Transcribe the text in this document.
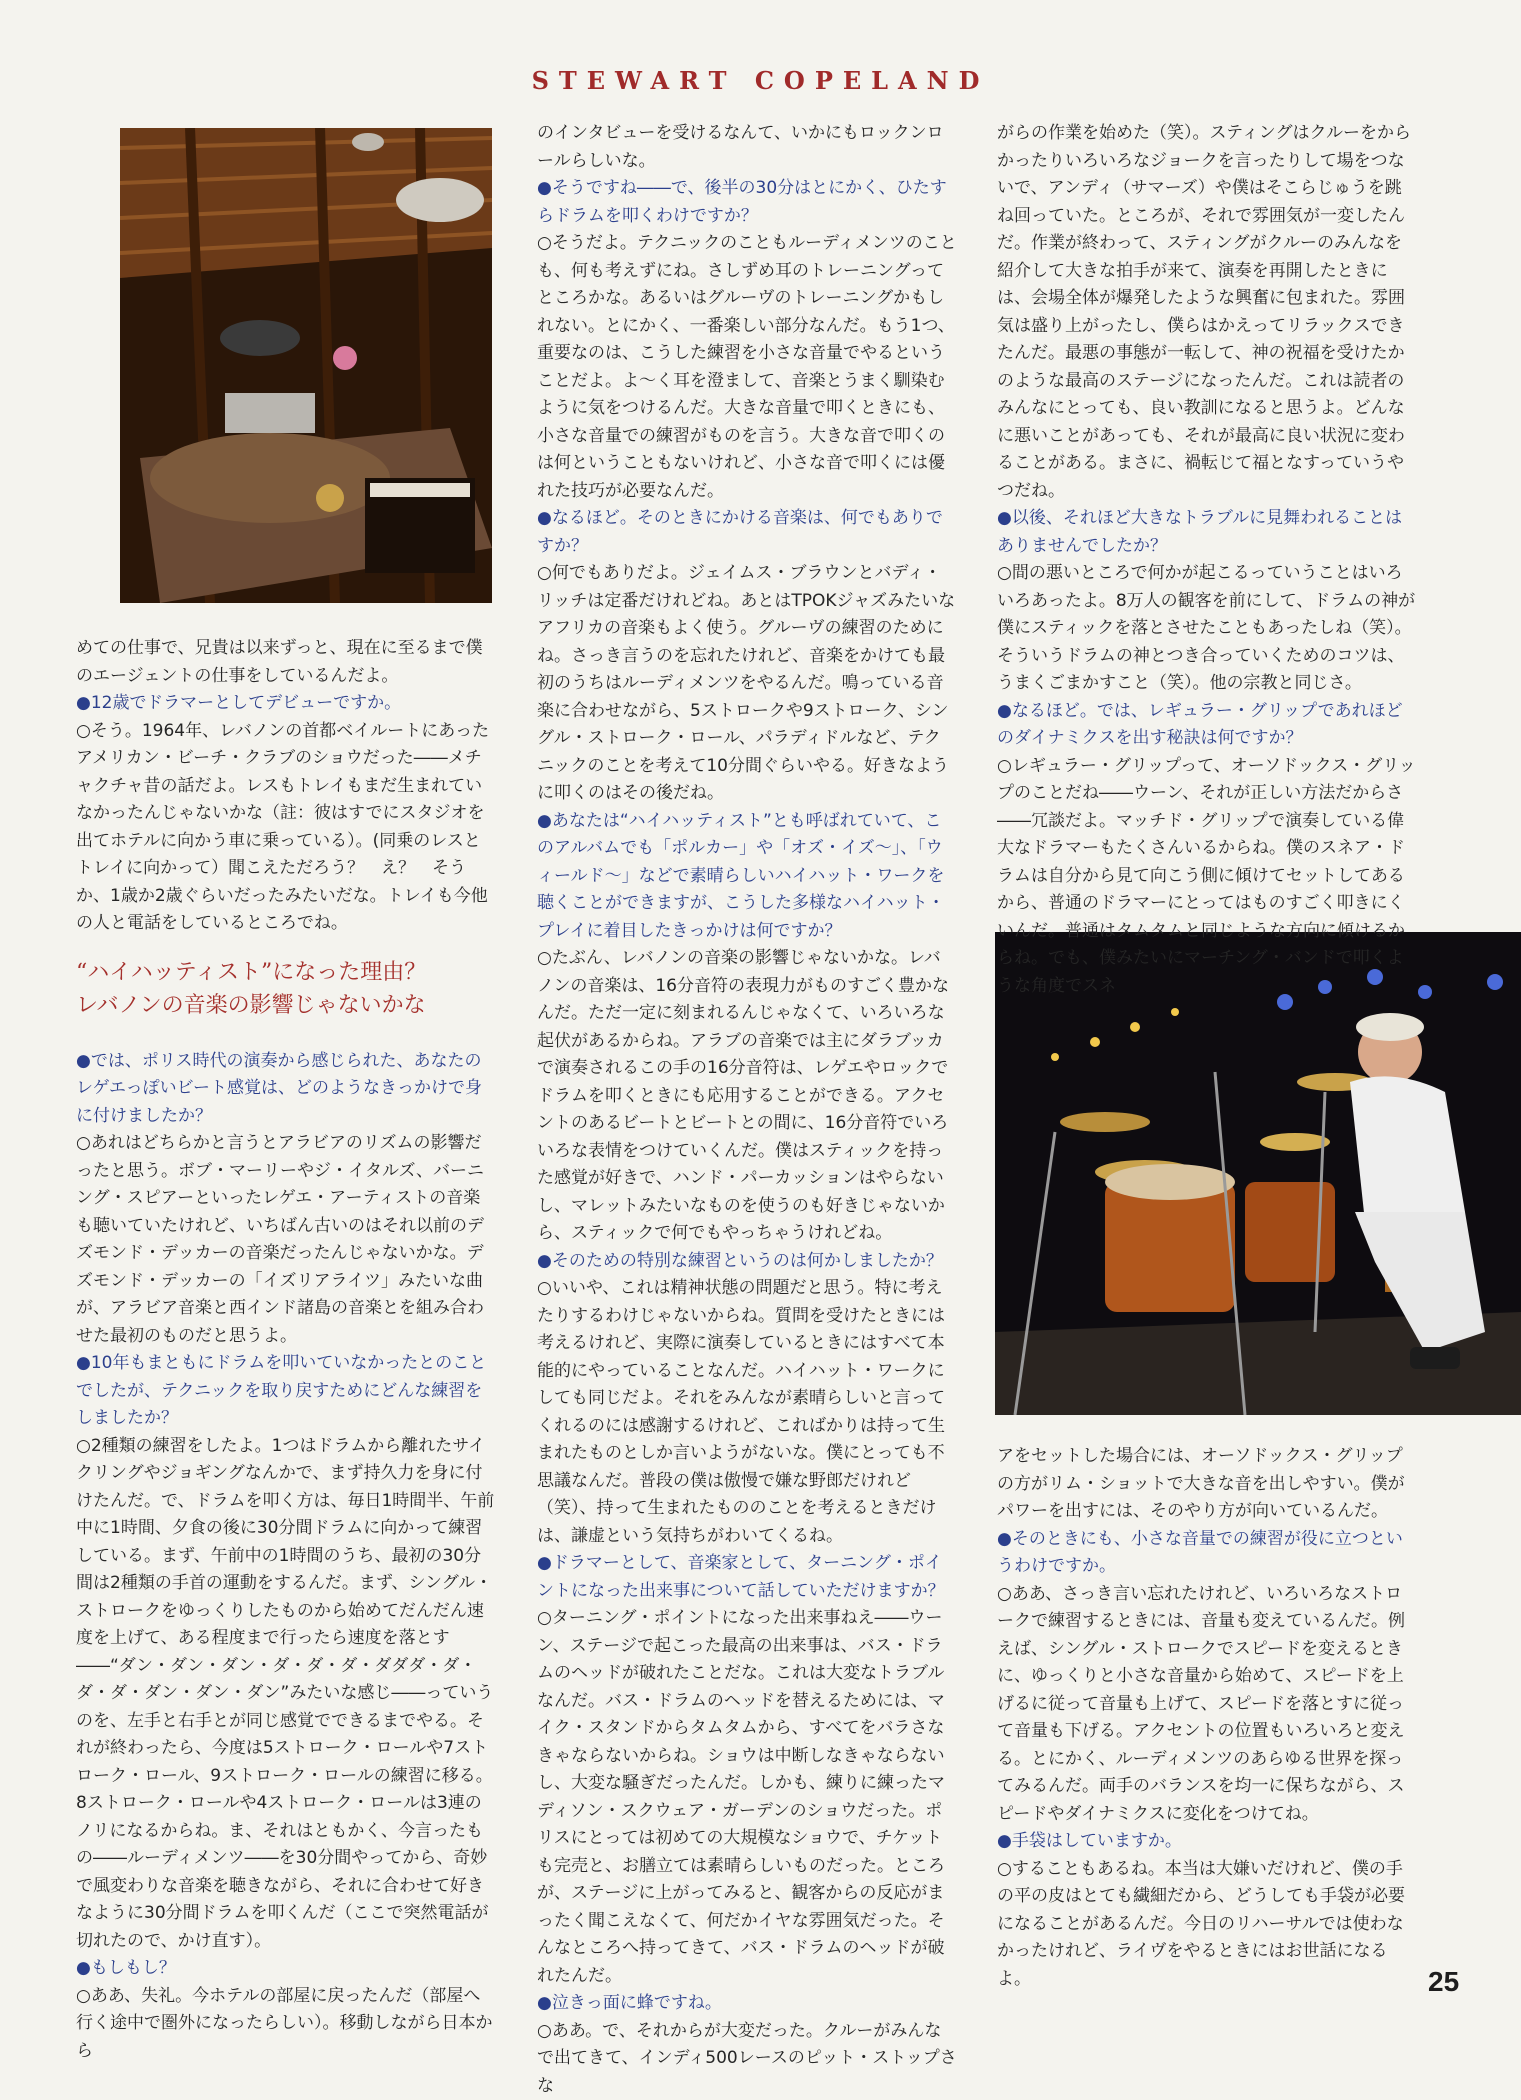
STEWART COPELAND

めての仕事で、兄貴は以来ずっと、現在に至るまで僕のエージェントの仕事をしているんだよ。

● 12歳でドラマーとしてデビューですか。

○ そう。1964年、レバノンの首都ベイルートにあったアメリカン・ビーチ・クラブのショウだった――メチャクチャ昔の話だよ。レスもトレイもまだ生まれていなかったんじゃないかな（註：彼はすでにスタジオを出てホテルに向かう車に乗っている）。(同乗のレスとトレイに向かって）聞こえただろう？　え？　そうか、1歳か2歳ぐらいだったみたいだな。トレイも今他の人と電話をしているところでね。

“ハイハッティスト”になった理由？
レバノンの音楽の影響じゃないかな

● では、ポリス時代の演奏から感じられた、あなたのレゲエっぽいビート感覚は、どのようなきっかけで身に付けましたか？

○ あれはどちらかと言うとアラビアのリズムの影響だったと思う。ボブ・マーリーやジ・イタルズ、バーニング・スピアーといったレゲエ・アーティストの音楽も聴いていたけれど、いちばん古いのはそれ以前のデズモンド・デッカーの音楽だったんじゃないかな。デズモンド・デッカーの「イズリアライツ」みたいな曲が、アラビア音楽と西インド諸島の音楽とを組み合わせた最初のものだと思うよ。

● 10年もまともにドラムを叩いていなかったとのことでしたが、テクニックを取り戻すためにどんな練習をしましたか？

○ 2種類の練習をしたよ。1つはドラムから離れたサイクリングやジョギングなんかで、まず持久力を身に付けたんだ。で、ドラムを叩く方は、毎日1時間半、午前中に1時間、夕食の後に30分間ドラムに向かって練習している。まず、午前中の1時間のうち、最初の30分間は2種類の手首の運動をするんだ。まず、シングル・ストロークをゆっくりしたものから始めてだんだん速度を上げて、ある程度まで行ったら速度を落とす――“ダン・ダン・ダン・ダ・ダ・ダ・ダダダ・ダ・ダ・ダ・ダン・ダン・ダン”みたいな感じ――っていうのを、左手と右手とが同じ感覚でできるまでやる。それが終わったら、今度は5ストローク・ロールや7ストローク・ロール、9ストローク・ロールの練習に移る。8ストローク・ロールや4ストローク・ロールは3連のノリになるからね。ま、それはともかく、今言ったもの――ルーディメンツ――を30分間やってから、奇妙で風変わりな音楽を聴きながら、それに合わせて好きなように30分間ドラムを叩くんだ（ここで突然電話が切れたので、かけ直す）。

● もしもし？

○ ああ、失礼。今ホテルの部屋に戻ったんだ（部屋へ行く途中で圏外になったらしい）。移動しながら日本から

のインタビューを受けるなんて、いかにもロックンロールらしいな。

● そうですね――で、後半の30分はとにかく、ひたすらドラムを叩くわけですか？

○ そうだよ。テクニックのこともルーディメンツのことも、何も考えずにね。さしずめ耳のトレーニングってところかな。あるいはグルーヴのトレーニングかもしれない。とにかく、一番楽しい部分なんだ。もう1つ、重要なのは、こうした練習を小さな音量でやるということだよ。よ〜く耳を澄まして、音楽とうまく馴染むように気をつけるんだ。大きな音量で叩くときにも、小さな音量での練習がものを言う。大きな音で叩くのは何ということもないけれど、小さな音で叩くには優れた技巧が必要なんだ。

● なるほど。そのときにかける音楽は、何でもありですか？

○ 何でもありだよ。ジェイムス・ブラウンとバディ・リッチは定番だけれどね。あとはTPOKジャズみたいなアフリカの音楽もよく使う。グルーヴの練習のためにね。さっき言うのを忘れたけれど、音楽をかけても最初のうちはルーディメンツをやるんだ。鳴っている音楽に合わせながら、5ストロークや9ストローク、シングル・ストローク・ロール、パラディドルなど、テクニックのことを考えて10分間ぐらいやる。好きなように叩くのはその後だね。

● あなたは“ハイハッティスト”とも呼ばれていて、このアルバムでも「ポルカー」や「オズ・イズ〜」、「ウィールド〜」などで素晴らしいハイハット・ワークを聴くことができますが、こうした多様なハイハット・プレイに着目したきっかけは何ですか？

○ たぶん、レバノンの音楽の影響じゃないかな。レバノンの音楽は、16分音符の表現力がものすごく豊かなんだ。ただ一定に刻まれるんじゃなくて、いろいろな起伏があるからね。アラブの音楽では主にダラブッカで演奏されるこの手の16分音符は、レゲエやロックでドラムを叩くときにも応用することができる。アクセントのあるビートとビートとの間に、16分音符でいろいろな表情をつけていくんだ。僕はスティックを持った感覚が好きで、ハンド・パーカッションはやらないし、マレットみたいなものを使うのも好きじゃないから、スティックで何でもやっちゃうけれどね。

● そのための特別な練習というのは何かしましたか？

○ いいや、これは精神状態の問題だと思う。特に考えたりするわけじゃないからね。質問を受けたときには考えるけれど、実際に演奏しているときにはすべて本能的にやっていることなんだ。ハイハット・ワークにしても同じだよ。それをみんなが素晴らしいと言ってくれるのには感謝するけれど、こればかりは持って生まれたものとしか言いようがないな。僕にとっても不思議なんだ。普段の僕は傲慢で嫌な野郎だけれど（笑）、持って生まれたもののことを考えるときだけは、謙虚という気持ちがわいてくるね。

● ドラマーとして、音楽家として、ターニング・ポイントになった出来事について話していただけますか？

○ ターニング・ポイントになった出来事ねえ――ウーン、ステージで起こった最高の出来事は、バス・ドラムのヘッドが破れたことだな。これは大変なトラブルなんだ。バス・ドラムのヘッドを替えるためには、マイク・スタンドからタムタムから、すべてをバラさなきゃならないからね。ショウは中断しなきゃならないし、大変な騒ぎだったんだ。しかも、練りに練ったマディソン・スクウェア・ガーデンのショウだった。ポリスにとっては初めての大規模なショウで、チケットも完売と、お膳立ては素晴らしいものだった。ところが、ステージに上がってみると、観客からの反応がまったく聞こえなくて、何だかイヤな雰囲気だった。そんなところへ持ってきて、バス・ドラムのヘッドが破れたんだ。

● 泣きっ面に蜂ですね。

○ ああ。で、それからが大変だった。クルーがみんなで出てきて、インディ500レースのピット・ストップさな

がらの作業を始めた（笑）。スティングはクルーをからかったりいろいろなジョークを言ったりして場をつないで、アンディ（サマーズ）や僕はそこらじゅうを跳ね回っていた。ところが、それで雰囲気が一変したんだ。作業が終わって、スティングがクルーのみんなを紹介して大きな拍手が来て、演奏を再開したときには、会場全体が爆発したような興奮に包まれた。雰囲気は盛り上がったし、僕らはかえってリラックスできたんだ。最悪の事態が一転して、神の祝福を受けたかのような最高のステージになったんだ。これは読者のみんなにとっても、良い教訓になると思うよ。どんなに悪いことがあっても、それが最高に良い状況に変わることがある。まさに、禍転じて福となすっていうやつだね。

● 以後、それほど大きなトラブルに見舞われることはありませんでしたか？

○ 間の悪いところで何かが起こるっていうことはいろいろあったよ。8万人の観客を前にして、ドラムの神が僕にスティックを落とさせたこともあったしね（笑）。そういうドラムの神とつき合っていくためのコツは、うまくごまかすこと（笑）。他の宗教と同じさ。

● なるほど。では、レギュラー・グリップであれほどのダイナミクスを出す秘訣は何ですか？

○ レギュラー・グリップって、オーソドックス・グリップのことだね――ウーン、それが正しい方法だからさ――冗談だよ。マッチド・グリップで演奏している偉大なドラマーもたくさんいるからね。僕のスネア・ドラムは自分から見て向こう側に傾けてセットしてあるから、普通のドラマーにとってはものすごく叩きにくいんだ。普通はタムタムと同じような方向に傾けるからね。でも、僕みたいにマーチング・バンドで叩くような角度でスネ

アをセットした場合には、オーソドックス・グリップの方がリム・ショットで大きな音を出しやすい。僕がパワーを出すには、そのやり方が向いているんだ。

● そのときにも、小さな音量での練習が役に立つというわけですか。

○ ああ、さっき言い忘れたけれど、いろいろなストロークで練習するときには、音量も変えているんだ。例えば、シングル・ストロークでスピードを変えるときに、ゆっくりと小さな音量から始めて、スピードを上げるに従って音量も上げて、スピードを落とすに従って音量も下げる。アクセントの位置もいろいろと変える。とにかく、ルーディメンツのあらゆる世界を探ってみるんだ。両手のバランスを均一に保ちながら、スピードやダイナミクスに変化をつけてね。

● 手袋はしていますか。

○ することもあるね。本当は大嫌いだけれど、僕の手の平の皮はとても繊細だから、どうしても手袋が必要になることがあるんだ。今日のリハーサルでは使わなかったけれど、ライヴをやるときにはお世話になるよ。	25
